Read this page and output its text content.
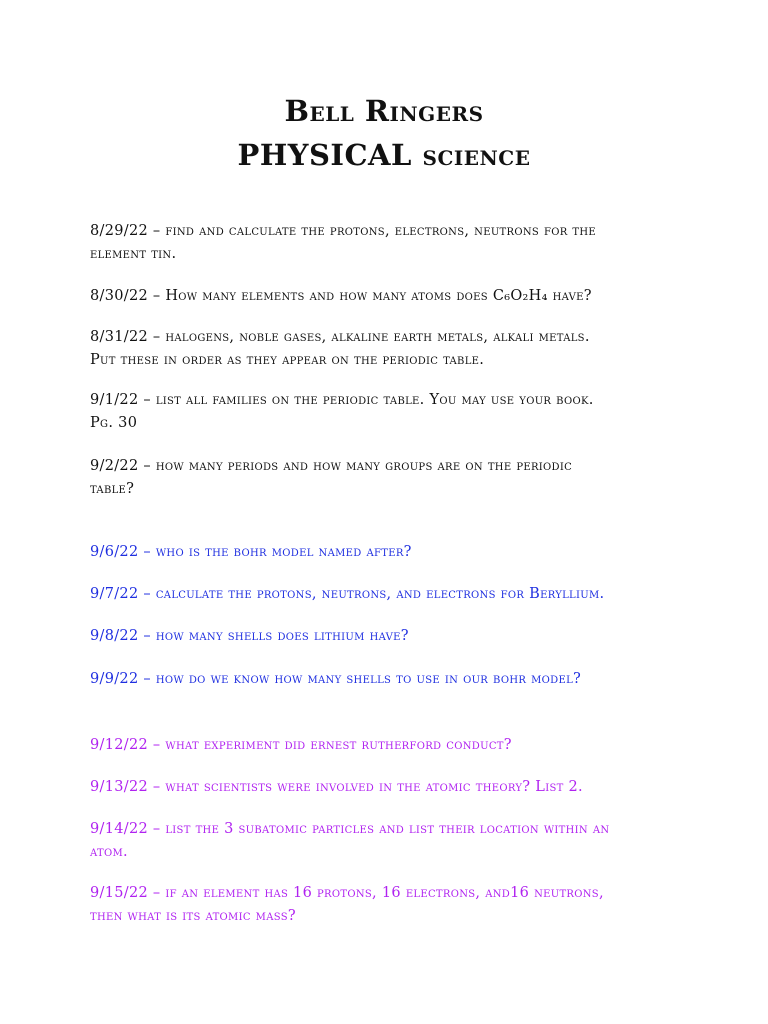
Bell Ringers
PHYSICAL science

8/29/22 – find and calculate the protons, electrons, neutrons for the
element tin.

8/30/22 – How many elements and how many atoms does C₆O₂H₄ have?

8/31/22 – halogens, noble gases, alkaline earth metals, alkali metals.
Put these in order as they appear on the periodic table.

9/1/22 – list all families on the periodic table. You may use your book.
Pg. 30

9/2/22 – how many periods and how many groups are on the periodic
table?

9/6/22 – who is the bohr model named after?

9/7/22 – calculate the protons, neutrons, and electrons for Beryllium.

9/8/22 – how many shells does lithium have?

9/9/22 – how do we know how many shells to use in our bohr model?

9/12/22 – what experiment did ernest rutherford conduct?

9/13/22 – what scientists were involved in the atomic theory? List 2.

9/14/22 – list the 3 subatomic particles and list their location within an
atom.

9/15/22 – if an element has 16 protons, 16 electrons, and16 neutrons,
then what is its atomic mass?
